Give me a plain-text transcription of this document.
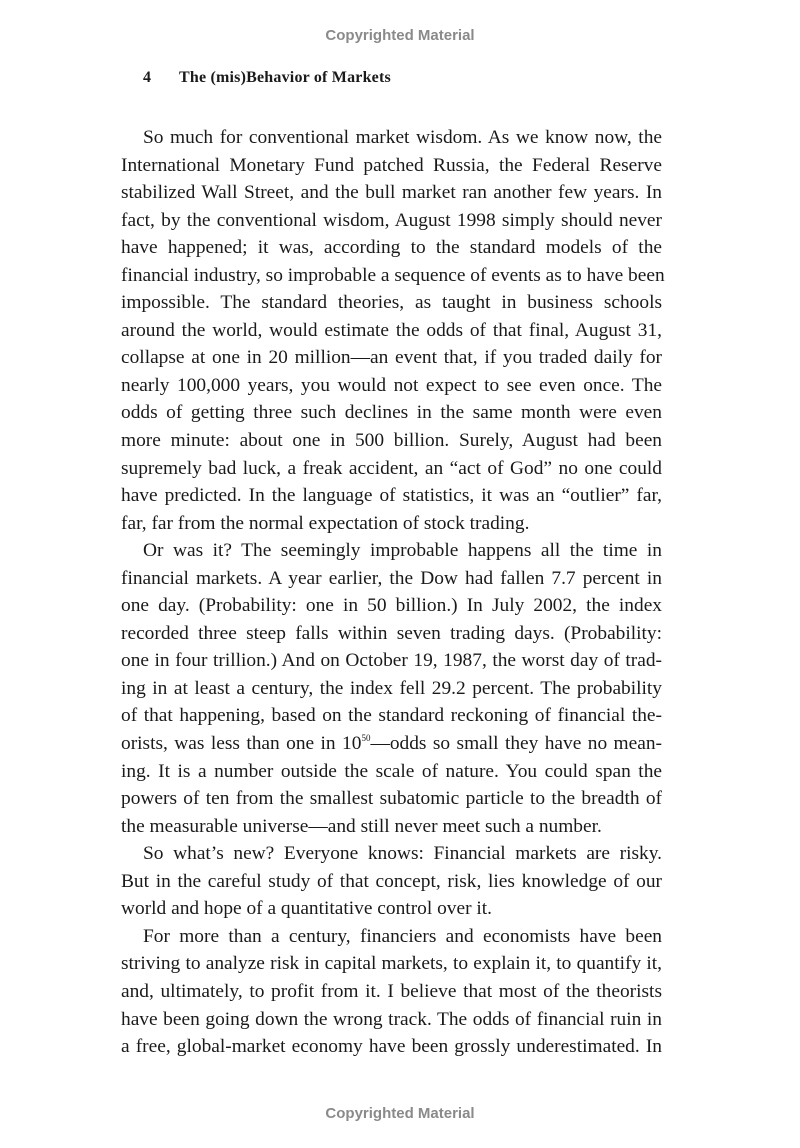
Copyrighted Material
4 The (mis)Behavior of Markets
So much for conventional market wisdom. As we know now, the
International Monetary Fund patched Russia, the Federal Reserve
stabilized Wall Street, and the bull market ran another few years. In
fact, by the conventional wisdom, August 1998 simply should never
have happened; it was, according to the standard models of the
financial industry, so improbable a sequence of events as to have been
impossible. The standard theories, as taught in business schools
around the world, would estimate the odds of that final, August 31,
collapse at one in 20 million—an event that, if you traded daily for
nearly 100,000 years, you would not expect to see even once. The
odds of getting three such declines in the same month were even
more minute: about one in 500 billion. Surely, August had been
supremely bad luck, a freak accident, an “act of God” no one could
have predicted. In the language of statistics, it was an “outlier” far,
far, far from the normal expectation of stock trading.
Or was it? The seemingly improbable happens all the time in
financial markets. A year earlier, the Dow had fallen 7.7 percent in
one day. (Probability: one in 50 billion.) In July 2002, the index
recorded three steep falls within seven trading days. (Probability:
one in four trillion.) And on October 19, 1987, the worst day of trad-
ing in at least a century, the index fell 29.2 percent. The probability
of that happening, based on the standard reckoning of financial the-
orists, was less than one in $10^{50}—odds$ so small they have no mean-
ing. It is a number outside the scale of nature. You could span the
powers of ten from the smallest subatomic particle to the breadth of
the measurable universe—and still never meet such a number.
So what’s new? Everyone knows: Financial markets are risky.
But in the careful study of that concept, risk, lies knowledge of our
world and hope of a quantitative control over it.
For more than a century, financiers and economists have been
striving to analyze risk in capital markets, to explain it, to quantify it,
and, ultimately, to profit from it. I believe that most of the theorists
have been going down the wrong track. The odds of financial ruin in
a free, global-market economy have been grossly underestimated. In
Copyrighted Material
